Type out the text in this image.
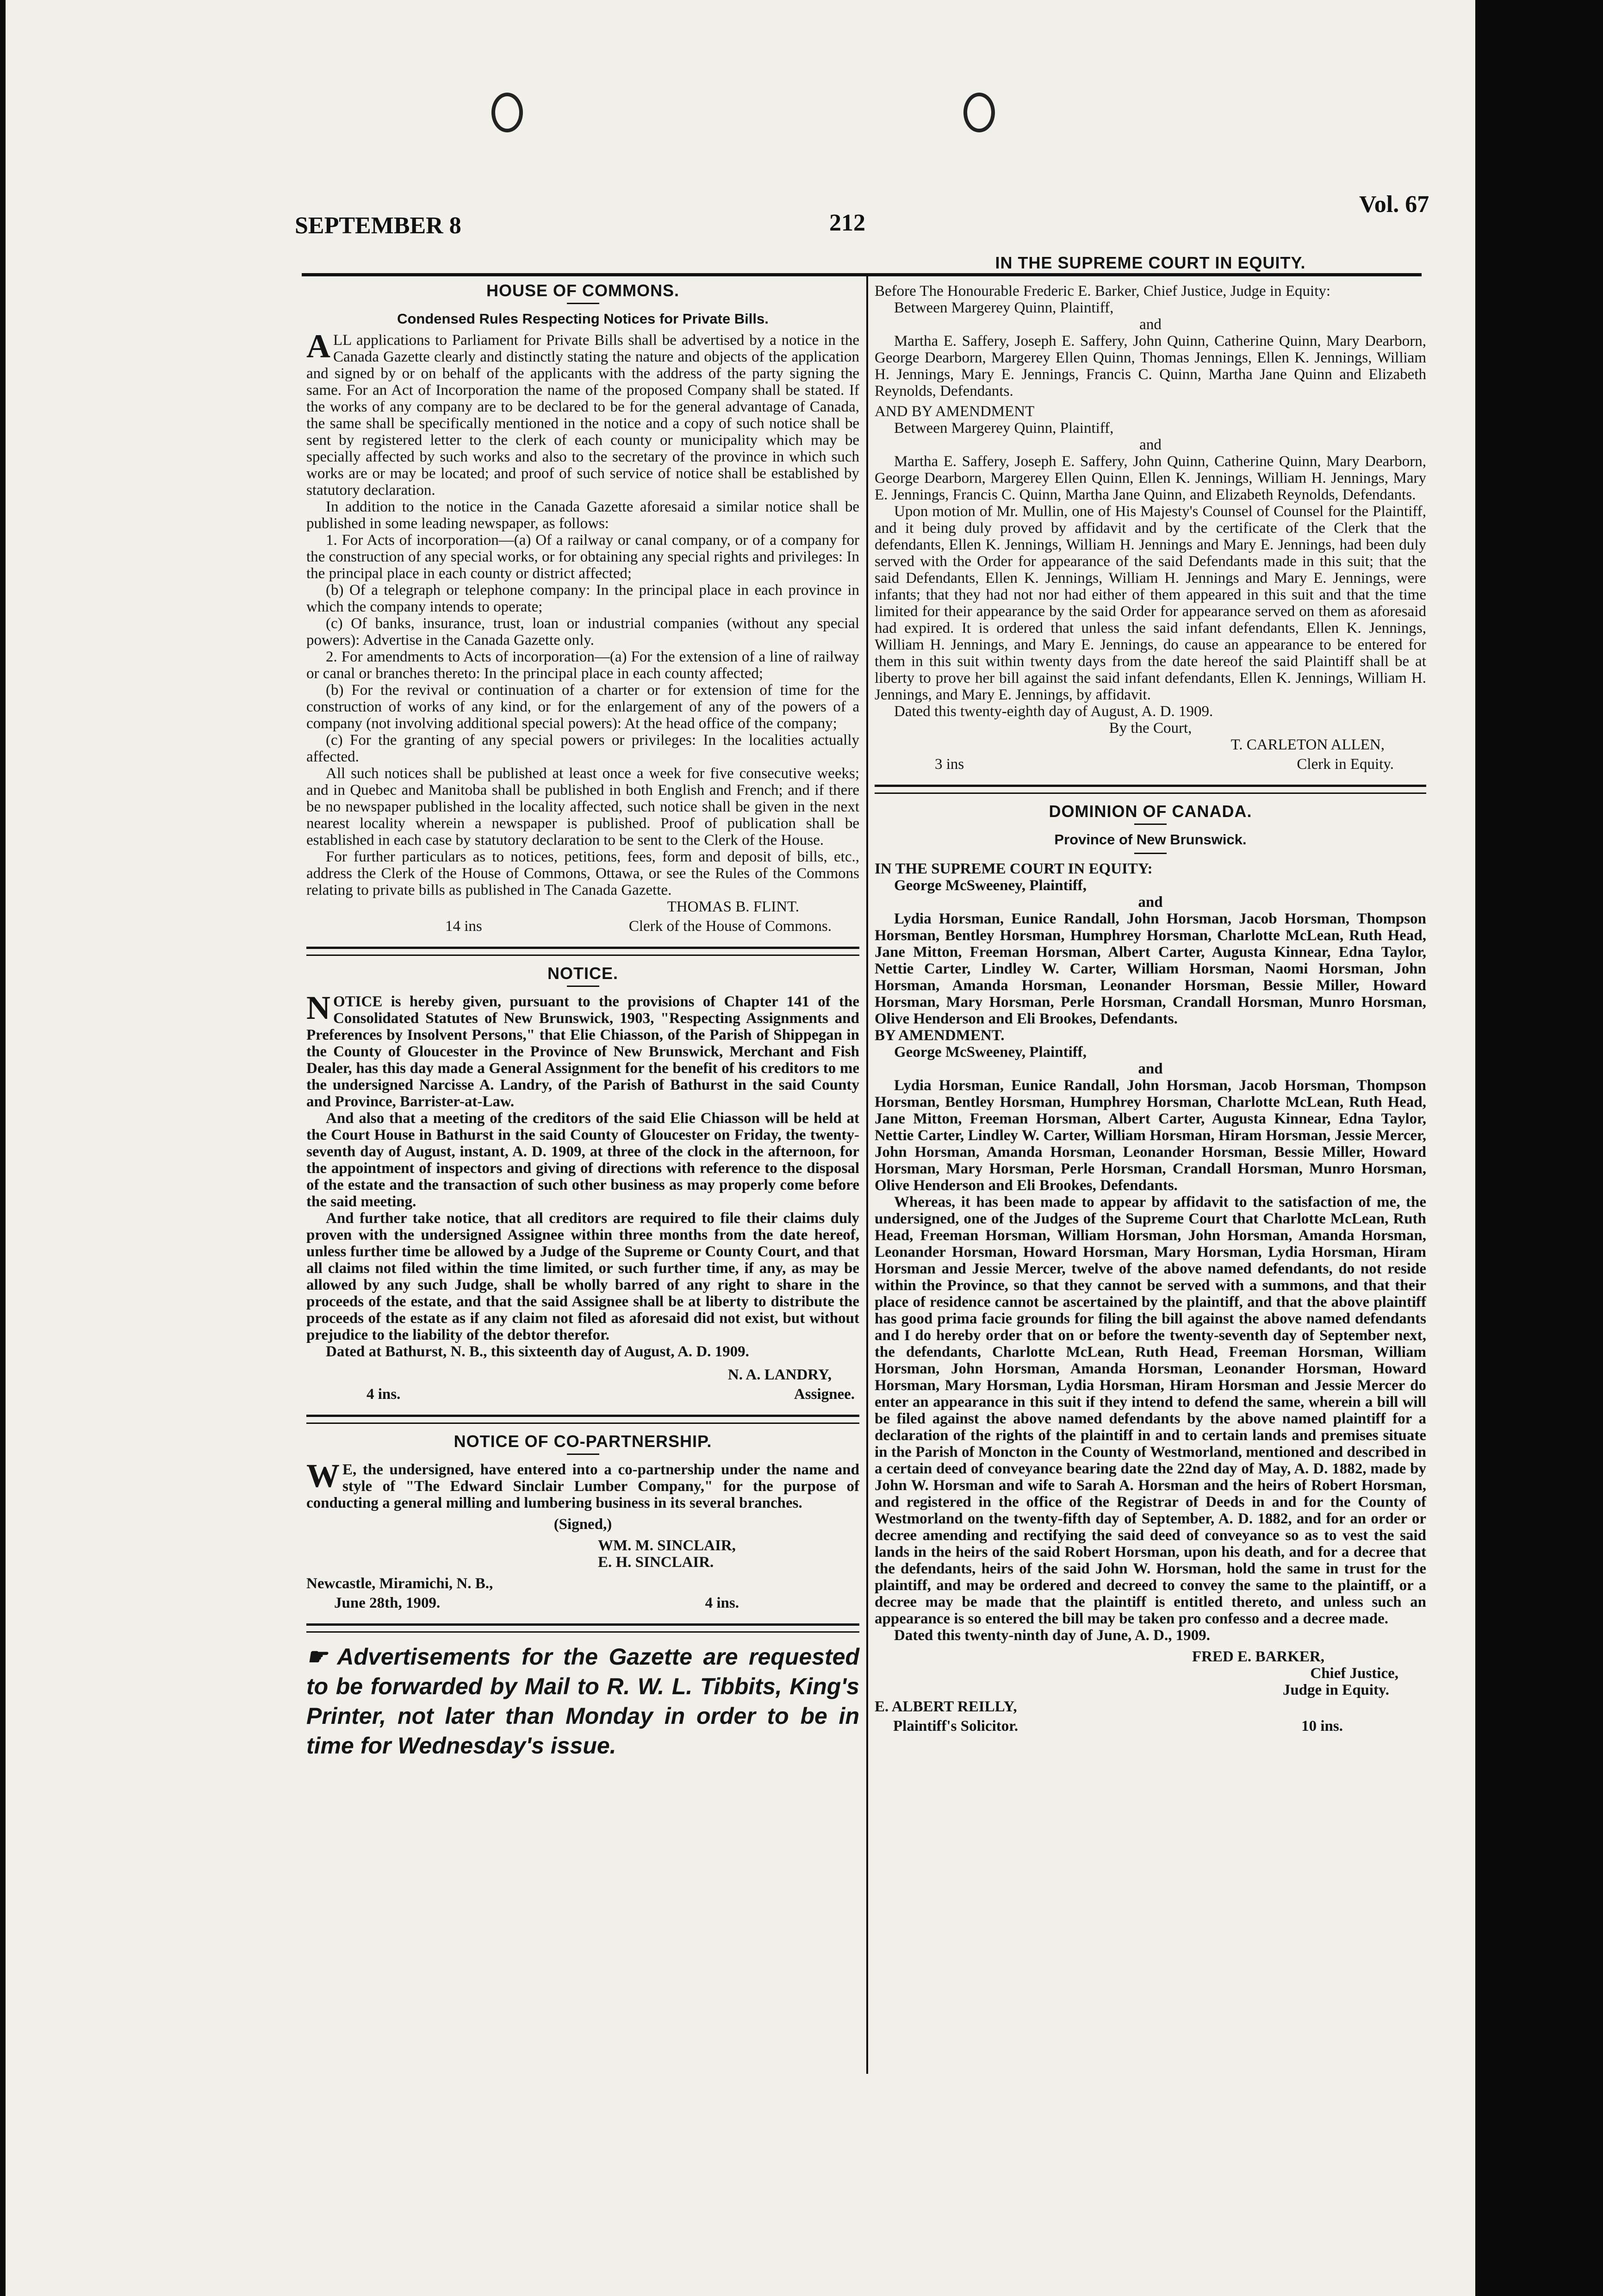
SEPTEMBER 8	212
Vol. 67
HOUSE OF COMMONS.
Condensed Rules Respecting Notices for Private Bills.

ALL applications to Parliament for Private Bills shall be advertised by a notice in the Canada Gazette clearly and distinctly stating the nature and objects of the application and signed by or on behalf of the applicants with the address of the party signing the same. For an Act of Incorporation the name of the proposed Company shall be stated. If the works of any company are to be declared to be for the general advantage of Canada, the same shall be specifically mentioned in the notice and a copy of such notice shall be sent by registered letter to the clerk of each county or municipality which may be specially affected by such works and also to the secretary of the province in which such works are or may be located; and proof of such service of notice shall be established by statutory declaration.

In addition to the notice in the Canada Gazette aforesaid a similar notice shall be published in some leading newspaper, as follows:

1. For Acts of incorporation—(a) Of a railway or canal company, or of a company for the construction of any special works, or for obtaining any special rights and privileges: In the principal place in each county or district affected;

(b) Of a telegraph or telephone company: In the principal place in each province in which the company intends to operate;

(c) Of banks, insurance, trust, loan or industrial companies (without any special powers): Advertise in the Canada Gazette only.

2. For amendments to Acts of incorporation—(a) For the extension of a line of railway or canal or branches thereto: In the principal place in each county affected;

(b) For the revival or continuation of a charter or for extension of time for the construction of works of any kind, or for the enlargement of any of the powers of a company (not involving additional special powers): At the head office of the company;

(c) For the granting of any special powers or privileges: In the localities actually affected.

All such notices shall be published at least once a week for five consecutive weeks; and in Quebec and Manitoba shall be published in both English and French; and if there be no newspaper published in the locality affected, such notice shall be given in the next nearest locality wherein a newspaper is published. Proof of publication shall be established in each case by statutory declaration to be sent to the Clerk of the House.

For further particulars as to notices, petitions, fees, form and deposit of bills, etc., address the Clerk of the House of Commons, Ottawa, or see the Rules of the Commons relating to private bills as published in The Canada Gazette.

THOMAS B. FLINT.

14 ins	Clerk of the House of Commons.
NOTICE.

NOTICE is hereby given, pursuant to the provisions of Chapter 141 of the Consolidated Statutes of New Brunswick, 1903, "Respecting Assignments and Preferences by Insolvent Persons," that Elie Chiasson, of the Parish of Shippegan in the County of Gloucester in the Province of New Brunswick, Merchant and Fish Dealer, has this day made a General Assignment for the benefit of his creditors to me the undersigned Narcisse A. Landry, of the Parish of Bathurst in the said County and Province, Barrister-at-Law.

And also that a meeting of the creditors of the said Elie Chiasson will be held at the Court House in Bathurst in the said County of Gloucester on Friday, the twenty-seventh day of August, instant, A. D. 1909, at three of the clock in the afternoon, for the appointment of inspectors and giving of directions with reference to the disposal of the estate and the transaction of such other business as may properly come before the said meeting.

And further take notice, that all creditors are required to file their claims duly proven with the undersigned Assignee within three months from the date hereof, unless further time be allowed by a Judge of the Supreme or County Court, and that all claims not filed within the time limited, or such further time, if any, as may be allowed by any such Judge, shall be wholly barred of any right to share in the proceeds of the estate, and that the said Assignee shall be at liberty to distribute the proceeds of the estate as if any claim not filed as aforesaid did not exist, but without prejudice to the liability of the debtor therefor.

Dated at Bathurst, N. B., this sixteenth day of August, A. D. 1909.

N. A. LANDRY,

4 ins.	Assignee.
NOTICE OF CO-PARTNERSHIP.

WE, the undersigned, have entered into a co-partnership under the name and style of "The Edward Sinclair Lumber Company," for the purpose of conducting a general milling and lumbering business in its several branches.

(Signed,)

WM. M. SINCLAIR,

E. H. SINCLAIR.

Newcastle, Miramichi, N. B.,

June 28th, 1909.	4 ins.

☛ Advertisements for the Gazette are requested to be forwarded by Mail to R. W. L. Tibbits, King's Printer, not later than Monday in order to be in time for Wednesday's issue.

IN THE SUPREME COURT IN EQUITY.

Before The Honourable Frederic E. Barker, Chief Justice, Judge in Equity:

Between Margerey Quinn, Plaintiff,

and

Martha E. Saffery, Joseph E. Saffery, John Quinn, Catherine Quinn, Mary Dearborn, George Dearborn, Margerey Ellen Quinn, Thomas Jennings, Ellen K. Jennings, William H. Jennings, Mary E. Jennings, Francis C. Quinn, Martha Jane Quinn and Elizabeth Reynolds, Defendants.

AND BY AMENDMENT

Between Margerey Quinn, Plaintiff,

and

Martha E. Saffery, Joseph E. Saffery, John Quinn, Catherine Quinn, Mary Dearborn, George Dearborn, Margerey Ellen Quinn, Ellen K. Jennings, William H. Jennings, Mary E. Jennings, Francis C. Quinn, Martha Jane Quinn, and Elizabeth Reynolds, Defendants.

Upon motion of Mr. Mullin, one of His Majesty's Counsel of Counsel for the Plaintiff, and it being duly proved by affidavit and by the certificate of the Clerk that the defendants, Ellen K. Jennings, William H. Jennings and Mary E. Jennings, had been duly served with the Order for appearance of the said Defendants made in this suit; that the said Defendants, Ellen K. Jennings, William H. Jennings and Mary E. Jennings, were infants; that they had not nor had either of them appeared in this suit and that the time limited for their appearance by the said Order for appearance served on them as aforesaid had expired. It is ordered that unless the said infant defendants, Ellen K. Jennings, William H. Jennings, and Mary E. Jennings, do cause an appearance to be entered for them in this suit within twenty days from the date hereof the said Plaintiff shall be at liberty to prove her bill against the said infant defendants, Ellen K. Jennings, William H. Jennings, and Mary E. Jennings, by affidavit.

Dated this twenty-eighth day of August, A. D. 1909.

By the Court,

T. CARLETON ALLEN,

3 ins	Clerk in Equity.
DOMINION OF CANADA.
Province of New Brunswick.

IN THE SUPREME COURT IN EQUITY:

George McSweeney, Plaintiff,

and

Lydia Horsman, Eunice Randall, John Horsman, Jacob Horsman, Thompson Horsman, Bentley Horsman, Humphrey Horsman, Charlotte McLean, Ruth Head, Jane Mitton, Freeman Horsman, Albert Carter, Augusta Kinnear, Edna Taylor, Nettie Carter, Lindley W. Carter, William Horsman, Naomi Horsman, John Horsman, Amanda Horsman, Leonander Horsman, Bessie Miller, Howard Horsman, Mary Horsman, Perle Horsman, Crandall Horsman, Munro Horsman, Olive Henderson and Eli Brookes, Defendants.

BY AMENDMENT.

George McSweeney, Plaintiff,

and

Lydia Horsman, Eunice Randall, John Horsman, Jacob Horsman, Thompson Horsman, Bentley Horsman, Humphrey Horsman, Charlotte McLean, Ruth Head, Jane Mitton, Freeman Horsman, Albert Carter, Augusta Kinnear, Edna Taylor, Nettie Carter, Lindley W. Carter, William Horsman, Hiram Horsman, Jessie Mercer, John Horsman, Amanda Horsman, Leonander Horsman, Bessie Miller, Howard Horsman, Mary Horsman, Perle Horsman, Crandall Horsman, Munro Horsman, Olive Henderson and Eli Brookes, Defendants.

Whereas, it has been made to appear by affidavit to the satisfaction of me, the undersigned, one of the Judges of the Supreme Court that Charlotte McLean, Ruth Head, Freeman Horsman, William Horsman, John Horsman, Amanda Horsman, Leonander Horsman, Howard Horsman, Mary Horsman, Lydia Horsman, Hiram Horsman and Jessie Mercer, twelve of the above named defendants, do not reside within the Province, so that they cannot be served with a summons, and that their place of residence cannot be ascertained by the plaintiff, and that the above plaintiff has good prima facie grounds for filing the bill against the above named defendants and I do hereby order that on or before the twenty-seventh day of September next, the defendants, Charlotte McLean, Ruth Head, Freeman Horsman, William Horsman, John Horsman, Amanda Horsman, Leonander Horsman, Howard Horsman, Mary Horsman, Lydia Horsman, Hiram Horsman and Jessie Mercer do enter an appearance in this suit if they intend to defend the same, wherein a bill will be filed against the above named defendants by the above named plaintiff for a declaration of the rights of the plaintiff in and to certain lands and premises situate in the Parish of Moncton in the County of Westmorland, mentioned and described in a certain deed of conveyance bearing date the 22nd day of May, A. D. 1882, made by John W. Horsman and wife to Sarah A. Horsman and the heirs of Robert Horsman, and registered in the office of the Registrar of Deeds in and for the County of Westmorland on the twenty-fifth day of September, A. D. 1882, and for an order or decree amending and rectifying the said deed of conveyance so as to vest the said lands in the heirs of the said Robert Horsman, upon his death, and for a decree that the defendants, heirs of the said John W. Horsman, hold the same in trust for the plaintiff, and may be ordered and decreed to convey the same to the plaintiff, or a decree may be made that the plaintiff is entitled thereto, and unless such an appearance is so entered the bill may be taken pro confesso and a decree made.

Dated this twenty-ninth day of June, A. D., 1909.

FRED E. BARKER,

Chief Justice,

Judge in Equity.

E. ALBERT REILLY,

Plaintiff's Solicitor.	10 ins.
